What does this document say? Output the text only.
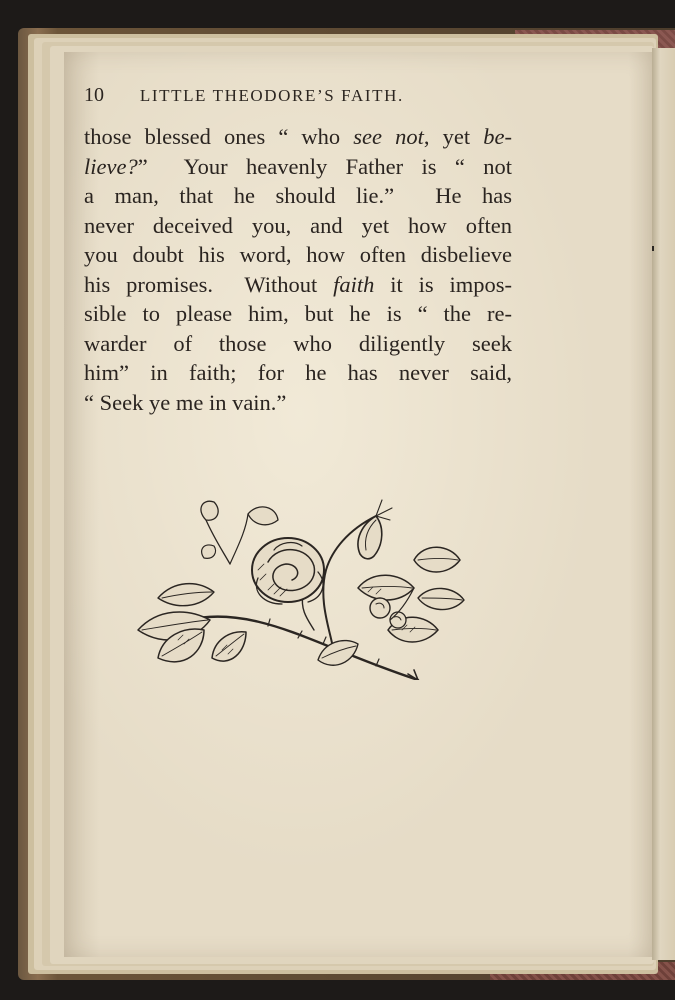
10 LITTLE THEODORE’S FAITH.
those blessed ones “ who see not, yet be-
lieve?”  Your heavenly Father is “ not
a man, that he should lie.”  He has
never deceived you, and yet how often
you doubt his word, how often disbelieve
his promises.  Without faith it is impos-
sible to please him, but he is “ the re-
warder of those who diligently seek
him” in faith; for he has never said,
“ Seek ye me in vain.”
